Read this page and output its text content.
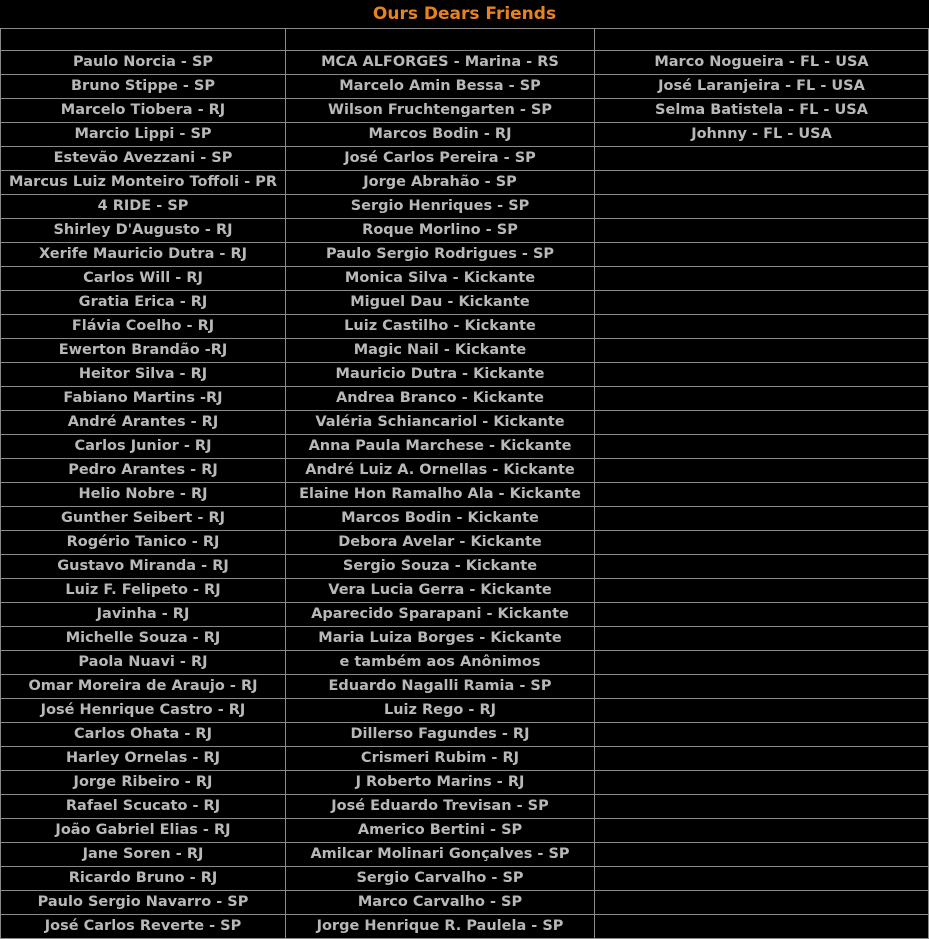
Ours Dears Friends

Paulo Norcia - SP	MCA ALFORGES - Marina - RS	Marco Nogueira - FL - USA
Bruno Stippe - SP	Marcelo Amin Bessa - SP	José Laranjeira - FL - USA
Marcelo Tiobera - RJ	Wilson Fruchtengarten - SP	Selma Batistela - FL - USA
Marcio Lippi - SP	Marcos Bodin - RJ	Johnny - FL - USA
Estevão Avezzani - SP	José Carlos Pereira - SP	
Marcus Luiz Monteiro Toffoli - PR	Jorge Abrahão - SP	
4 RIDE - SP	Sergio Henriques - SP	
Shirley D'Augusto - RJ	Roque Morlino - SP	
Xerife Mauricio Dutra - RJ	Paulo Sergio Rodrigues - SP	
Carlos Will - RJ	Monica Silva - Kickante	
Gratia Erica - RJ	Miguel Dau - Kickante	
Flávia Coelho - RJ	Luiz Castilho - Kickante	
Ewerton Brandão -RJ	Magic Nail - Kickante	
Heitor Silva - RJ	Mauricio Dutra - Kickante	
Fabiano Martins -RJ	Andrea Branco - Kickante	
André Arantes - RJ	Valéria Schiancariol - Kickante	
Carlos Junior - RJ	Anna Paula Marchese - Kickante	
Pedro Arantes - RJ	André Luiz A. Ornellas - Kickante	
Helio Nobre - RJ	Elaine Hon Ramalho Ala - Kickante	
Gunther Seibert - RJ	Marcos Bodin - Kickante	
Rogério Tanico - RJ	Debora Avelar - Kickante	
Gustavo Miranda - RJ	Sergio Souza - Kickante	
Luiz F. Felipeto - RJ	Vera Lucia Gerra - Kickante	
Javinha - RJ	Aparecido Sparapani - Kickante	
Michelle Souza - RJ	Maria Luiza Borges - Kickante	
Paola Nuavi - RJ	e também aos Anônimos	
Omar Moreira de Araujo - RJ	Eduardo Nagalli Ramia - SP	
José Henrique Castro - RJ	Luiz Rego - RJ	
Carlos Ohata - RJ	Dillerso Fagundes - RJ	
Harley Ornelas - RJ	Crismeri Rubim - RJ	
Jorge Ribeiro - RJ	J Roberto Marins - RJ	
Rafael Scucato - RJ	José Eduardo Trevisan - SP	
João Gabriel Elias - RJ	Americo Bertini - SP	
Jane Soren - RJ	Amilcar Molinari Gonçalves - SP	
Ricardo Bruno - RJ	Sergio Carvalho - SP	
Paulo Sergio Navarro - SP	Marco Carvalho - SP	
José Carlos Reverte - SP	Jorge Henrique R. Paulela - SP	
